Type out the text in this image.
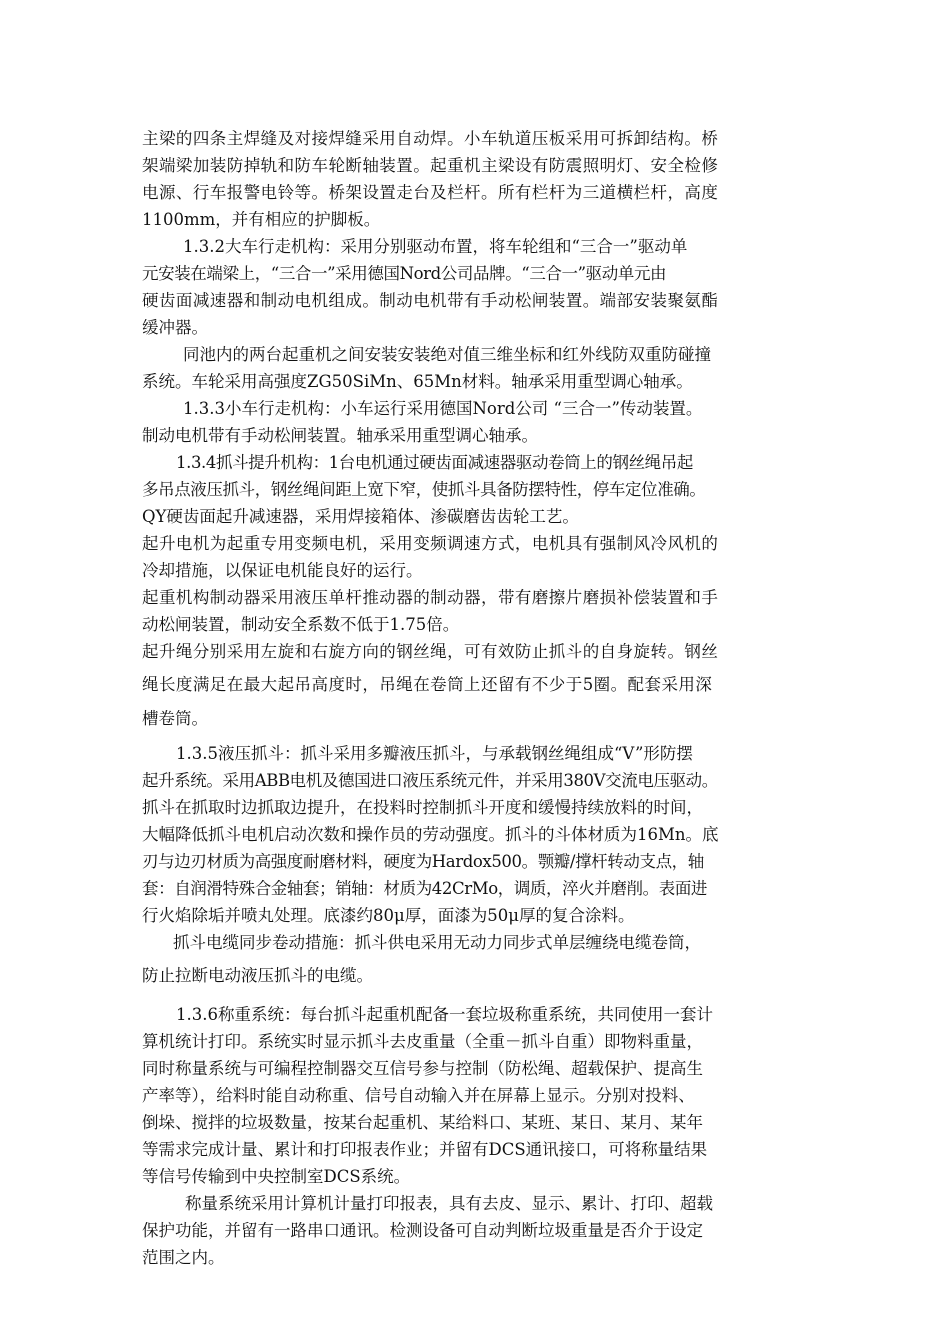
主梁的四条主焊缝及对接焊缝采用自动焊。小车轨道压板采用可拆卸结构。桥
架端梁加装防掉轨和防车轮断轴装置。起重机主梁设有防震照明灯、安全检修
电源、行车报警电铃等。桥架设置走台及栏杆。所有栏杆为三道横栏杆，高度
1100mm，并有相应的护脚板。
1.3.2大车行走机构：采用分别驱动布置，将车轮组和“三合一”驱动单
元安装在端梁上，“三合一”采用德国Nord公司品牌。“三合一”驱动单元由
硬齿面减速器和制动电机组成。制动电机带有手动松闸装置。端部安装聚氨酯
缓冲器。
同池内的两台起重机之间安装安装绝对值三维坐标和红外线防双重防碰撞
系统。车轮采用高强度ZG50SiMn、65Mn材料。轴承采用重型调心轴承。
1.3.3小车行走机构：小车运行采用德国Nord公司 “三合一”传动装置。
制动电机带有手动松闸装置。轴承采用重型调心轴承。
1.3.4抓斗提升机构：1台电机通过硬齿面减速器驱动卷筒上的钢丝绳吊起
多吊点液压抓斗，钢丝绳间距上宽下窄，使抓斗具备防摆特性，停车定位准确。
QY硬齿面起升减速器，采用焊接箱体、渗碳磨齿齿轮工艺。
起升电机为起重专用变频电机，采用变频调速方式，电机具有强制风冷风机的
冷却措施，以保证电机能良好的运行。
起重机构制动器采用液压单杆推动器的制动器，带有磨擦片磨损补偿装置和手
动松闸装置，制动安全系数不低于1.75倍。
起升绳分别采用左旋和右旋方向的钢丝绳，可有效防止抓斗的自身旋转。钢丝
绳长度满足在最大起吊高度时，吊绳在卷筒上还留有不少于5圈。配套采用深
槽卷筒。
1.3.5液压抓斗：抓斗采用多瓣液压抓斗，与承载钢丝绳组成“V”形防摆
起升系统。采用ABB电机及德国进口液压系统元件，并采用380V交流电压驱动。
抓斗在抓取时边抓取边提升，在投料时控制抓斗开度和缓慢持续放料的时间，
大幅降低抓斗电机启动次数和操作员的劳动强度。抓斗的斗体材质为16Mn。底
刃与边刃材质为高强度耐磨材料，硬度为Hardox500。颚瓣/撑杆转动支点，轴
套：自润滑特殊合金轴套；销轴：材质为42CrMo，调质，淬火并磨削。表面进
行火焰除垢并喷丸处理。底漆约80μ厚，面漆为50μ厚的复合涂料。
抓斗电缆同步卷动措施：抓斗供电采用无动力同步式单层缠绕电缆卷筒，
防止拉断电动液压抓斗的电缆。
1.3.6称重系统：每台抓斗起重机配备一套垃圾称重系统，共同使用一套计
算机统计打印。系统实时显示抓斗去皮重量（全重－抓斗自重）即物料重量，
同时称量系统与可编程控制器交互信号参与控制（防松绳、超载保护、提高生
产率等），给料时能自动称重、信号自动输入并在屏幕上显示。分别对投料、
倒垛、搅拌的垃圾数量，按某台起重机、某给料口、某班、某日、某月、某年
等需求完成计量、累计和打印报表作业；并留有DCS通讯接口，可将称量结果
等信号传输到中央控制室DCS系统。
称量系统采用计算机计量打印报表，具有去皮、显示、累计、打印、超载
保护功能，并留有一路串口通讯。检测设备可自动判断垃圾重量是否介于设定
范围之内。
